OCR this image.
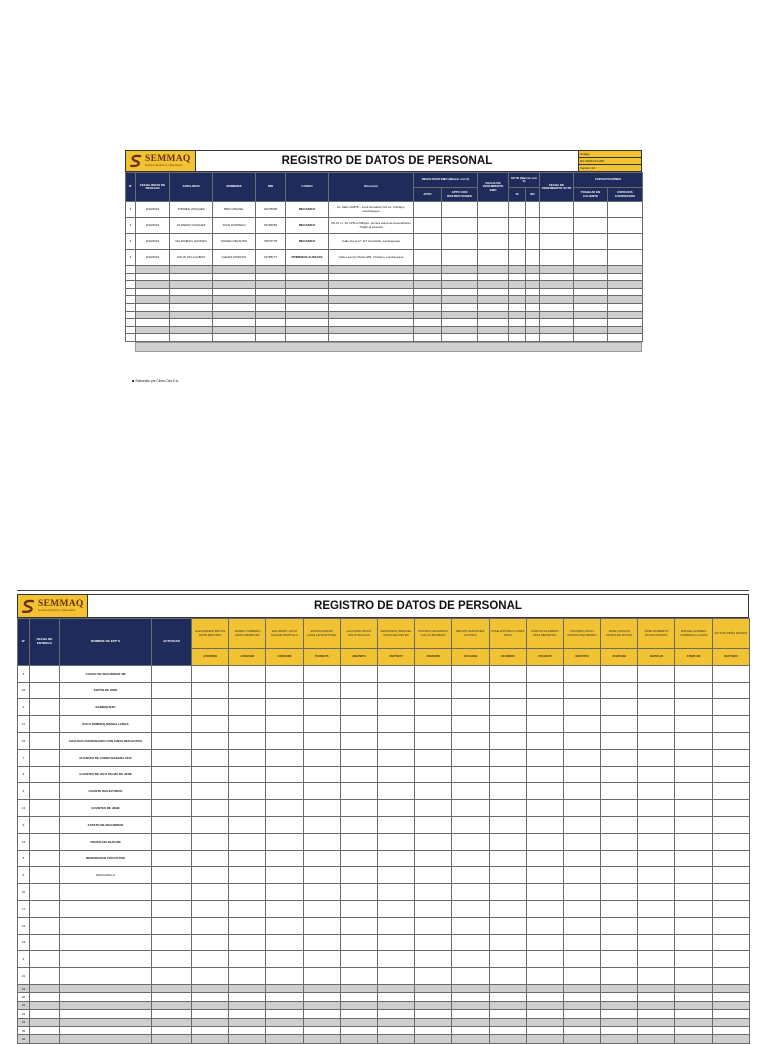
SEMMAQ
Servicios Mecánicos y Maquinarias	REGISTRO DE DATOS DE PERSONAL
Código
RG-TRAN-01-009
Versión: 01
N°	FECHA INICIO DE TRABAJO	APELLIDOS	NOMBRES	DNI	CARGO	Dirección	RESULTADO EMO (Marcar con X)		FECHA DE VENCIMIENTO EMO	SCTR (Marcar con X)		FECHA DE VENCIMIENTO SCTR	CAPACITACIONES	
							APTO	APTO CON RESTRICCIONES		SI	NO		TRABAJO EN CALIENTE	ESPACIOS CONFINADOS
4	9/10/2019	TORRES VASQUEZ	BRIO MIGUEL	46378906	MECANICO	Av. Salón #3878 – Lima Semáforo Mz.Av. Chiclayo, Lambayeque								
4	9/10/2019	OLIVEIRA VASQUEZ	JUAN DOMINGO	18196063	MECANICO	Mz.M. Lt. 16 CPM el Milagro, tercera etapa de Ascenditores Trujillo la Libertad								
4	9/10/2019	VALDIVIESO HUAMAN	XAVIER ORLANDO	75976778	MECANICO	Calle Sucre N° 117 Ferreñafe, Lambayeque								
4	9/10/2019	SOLIS VILLALOBOS	ALEXIS MARCOS	16785177	PRIMEROS AUXILIOS	Calle Leoncio Prado 956, Chiclayo, Lambayeque								

Elaborado por Clima Cola S.A.
SEMMAQ
Servicios Mecánicos y Maquinarias	REGISTRO DE DATOS DE PERSONAL
N°	FECHA DE ENTREGA	NOMBRE DE EPP´S	ACTIVIDAD	ALEXANDER BRYAN LEON BENITES	JAVIER CABRERA LEON MENDOZA	EDUARDO JULIO GAMAR MANTILLA	EDWIN ARNOR LAVALLE MARTINEZ	ALFONSO ROCA SOLIS BALSAS	FERNANDO MANUEL VASQUEZ REYES	FRANCO EDUARDO GALLO MORENO	BENITO MARTINEZ ACOSTA	JOSE ANTONIO LOPEZ TAPIA	CARLOS ALFREDO DIAZ MENDOZA	RICARDO JUAN FARIAS IZQUIERDO	JOSE CARLOS MORALES ROJAS	JOSE ROBERTO ROJAS ZAPATA	RAFAEL ANDRES CABRERA LLANOS	VICTOR PEÑA RAMOS
				47260869	43018492	44816288	70460078	42925873	46370977	46620965	16114839	16160896	47342235	16335709	45230189	16250145	47695148	16271963
5		CASCO DE SEGURIDAD 3M																
16		TAPÓN DE OIDO																
2		BARBIQUEJO																
11		POLO SEMMAQ MANGA LARGA																
15		CHALECO ANARANJADO CON CINTA REFLECTIVA																
7		GUANTES DE CUERO BADANA 2015																
6		GUANTES DE HILO PALMA DE JEBE																
4		GUANTE DIALECTRICO																
13		GUANTES DE JEBE																
9		ZAPATO DE SEGURIDAD																
14		PANTALON JEAN 3M																
8		RESPIRADOR CON FILTRO																
5		MASCARILLA																
10																		
17																		
12																		
13																		
3																		
21																		
19																		
20																		
22																		
23																		
24																		
25																		
26																		
